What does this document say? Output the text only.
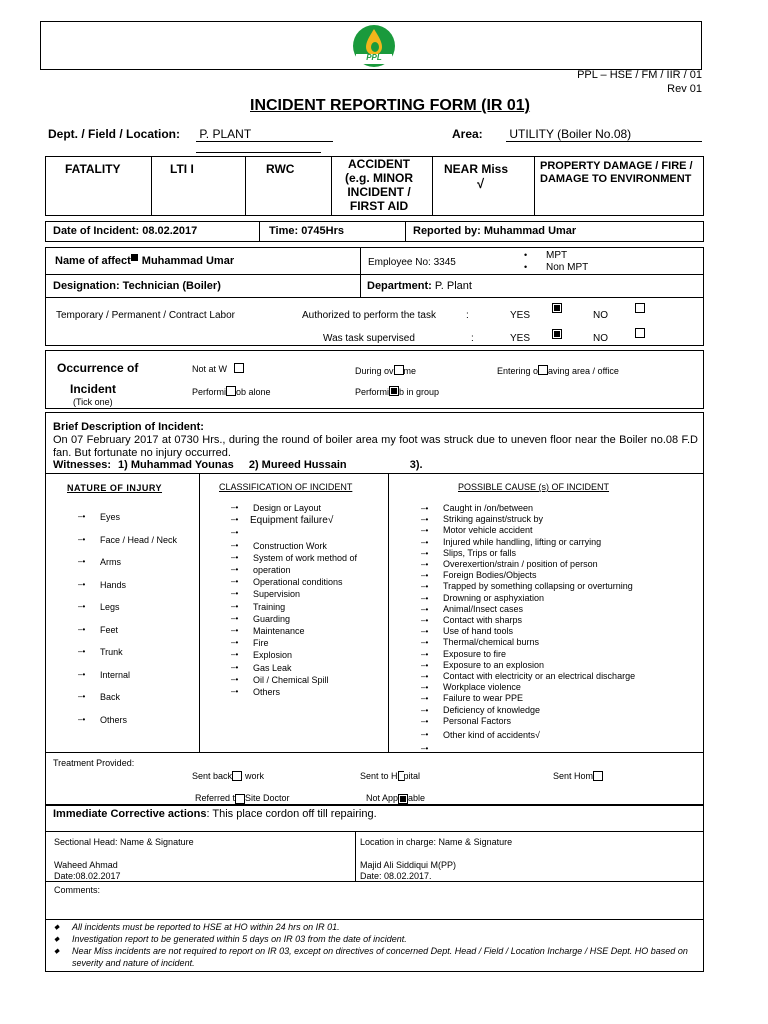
PPL
PPL – HSE / FM / IIR / 01
Rev 01
INCIDENT REPORTING FORM (IR 01)
Dept. / Field / Location: P. PLANT	Area: UTILITY (Boiler No.08)
FATALITY	LTI I	RWC	ACCIDENT (e.g. MINOR INCIDENT / FIRST AID
NEAR Miss
√
PROPERTY DAMAGE / FIRE / DAMAGE TO ENVIRONMENT
Date of Incident: 08.02.2017	Time: 0745Hrs	Reported by: Muhammad Umar
Name of affect Muhammad Umar	Employee No: 3345
•
•
MPT
Non MPT
Designation: Technician (Boiler)	Department: P. Plant
Temporary / Permanent / Contract Labor	Authorized to perform the task	:	YES	NO
Was task supervised	:	YES	NO
Occurrence of
Incident
(Tick one)
Not at W	During ov me	Entering o aving area / office
Performi ob alone	Performi b in group
Brief Description of Incident:
On 07 February 2017 at 0730 Hrs., during the round of boiler area my foot was struck due to uneven floor near the Boiler no.08 F.D fan. But fortunate no injury occurred.
Witnesses: 1) Muhammad Younas 2) Mureed Hussain	3).
NATURE OF INJURY
–• Eyes
–• Face / Head / Neck
–• Arms
–• Hands
–• Legs
–• Feet
–• Trunk
–• Internal
–• Back
–• Others
CLASSIFICATION OF INCIDENT
–• Design or Layout
–• Equipment failure√
–•
–• Construction Work
–• System of work method of
–• operation
–• Operational conditions
–• Supervision
–• Training
–• Guarding
–• Maintenance
–• Fire
–• Explosion
–• Gas Leak
–• Oil / Chemical Spill
–• Others
POSSIBLE CAUSE (s) OF INCIDENT
–• Caught in /on/between
–• Striking against/struck by
–• Motor vehicle accident
–• Injured while handling, lifting or carrying
–• Slips, Trips or falls
–• Overexertion/strain / position of person
–• Foreign Bodies/Objects
–• Trapped by something collapsing or overturning
–• Drowning or asphyxiation
–• Animal/Insect cases
–• Contact with sharps
–• Use of hand tools
–• Thermal/chemical burns
–• Exposure to fire
–• Exposure to an explosion
–• Contact with electricity or an electrical discharge
–• Workplace violence
–• Failure to wear PPE
–• Deficiency of knowledge
–• Personal Factors
–• Other kind of accidents√
–•
Treatment Provided:
Sent back work	Sent to H pital	Sent Hom
Referred t Site Doctor	Not App able
Immediate Corrective actions: This place cordon off till repairing.
Sectional Head: Name & Signature
Waheed Ahmad
Date:08.02.2017
Location in charge: Name & Signature
Majid Ali Siddiqui M(PP)
Date: 08.02.2017.
Comments:
◆ All incidents must be reported to HSE at HO within 24 hrs on IR 01.
◆ Investigation report to be generated within 5 days on IR 03 from the date of incident.
◆ Near Miss incidents are not required to report on IR 03, except on directives of concerned Dept. Head / Field / Location Incharge / HSE Dept. HO based on severity and nature of incident.
